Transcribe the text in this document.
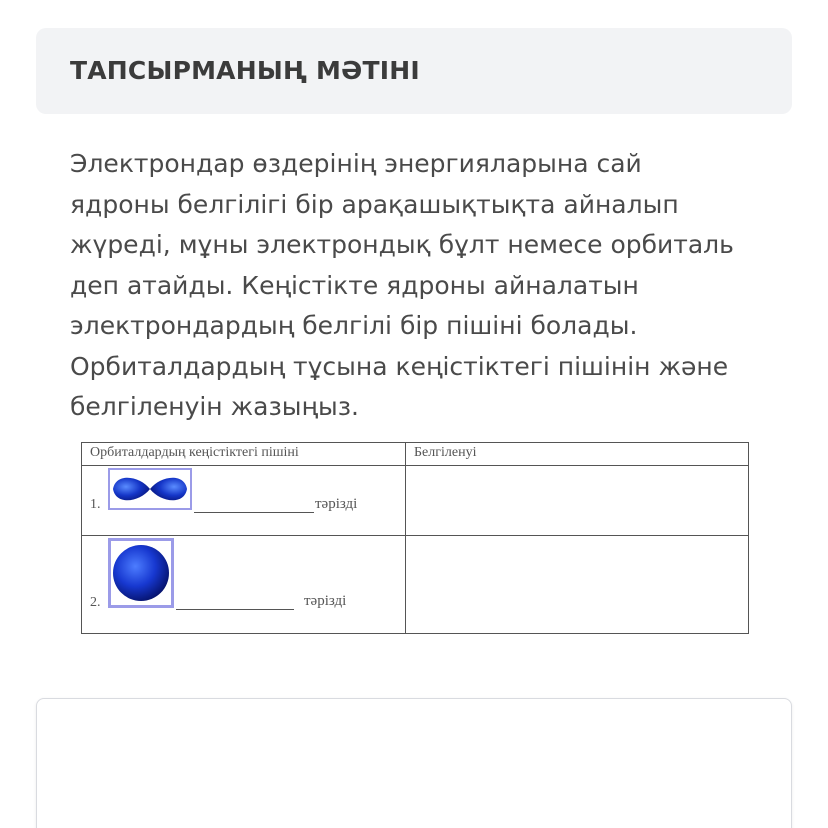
ТАПСЫРМАНЫҢ МӘТІНІ
Электрондар өздерінің энергияларына сай
ядроны белгілігі бір арақашықтықта айналып
жүреді, мұны электрондық бұлт немесе орбиталь
деп атайды. Кеңістікте ядроны айналатын
электрондардың белгілі бір пішіні болады.
Орбиталдардың тұсына кеңістіктегі пішінін және
белгіленуін жазыңыз.
Орбиталдардың кеңістіктегі пішіні	Белгіленуі

1. тәрізді	

2. тәрізді	
